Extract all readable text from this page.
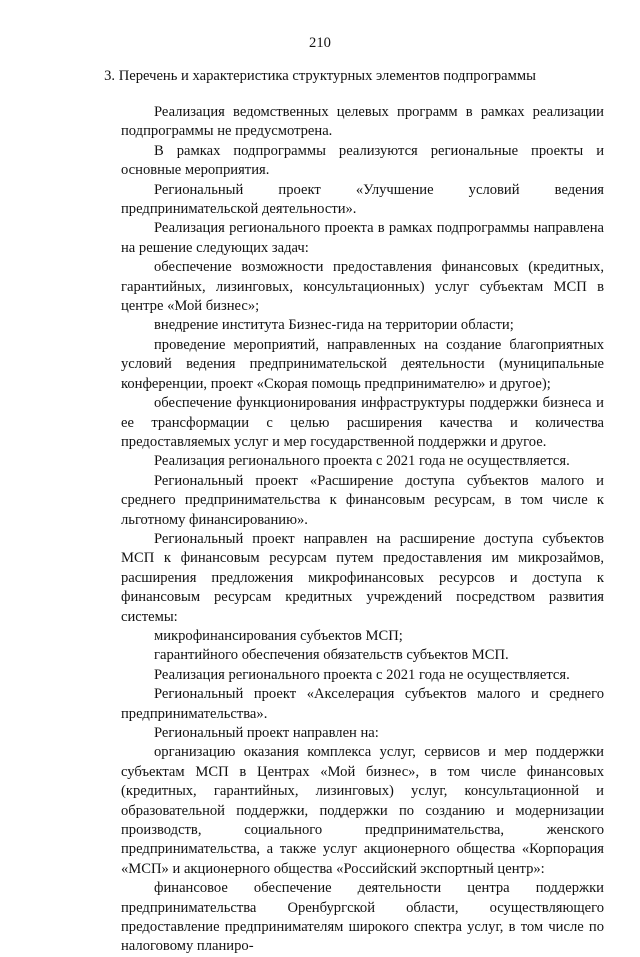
210
3. Перечень и характеристика структурных элементов подпрограммы

Реализация ведомственных целевых программ в рамках реализации подпрограммы не предусмотрена.

В рамках подпрограммы реализуются региональные проекты и основные мероприятия.

Региональный проект «Улучшение условий ведения предпринимательской деятельности».

Реализация регионального проекта в рамках подпрограммы направлена на решение следующих задач:

обеспечение возможности предоставления финансовых (кредитных, гарантийных, лизинговых, консультационных) услуг субъектам МСП в центре «Мой бизнес»;

внедрение института Бизнес-гида на территории области;

проведение мероприятий, направленных на создание благоприятных условий ведения предпринимательской деятельности (муниципальные конференции, проект «Скорая помощь предпринимателю» и другое);

обеспечение функционирования инфраструктуры поддержки бизнеса и ее трансформации с целью расширения качества и количества предоставляемых услуг и мер государственной поддержки и другое.

Реализация регионального проекта с 2021 года не осуществляется.

Региональный проект «Расширение доступа субъектов малого и среднего предпринимательства к финансовым ресурсам, в том числе к льготному финансированию».

Региональный проект направлен на расширение доступа субъектов МСП к финансовым ресурсам путем предоставления им микрозаймов, расширения предложения микрофинансовых ресурсов и доступа к финансовым ресурсам кредитных учреждений посредством развития системы:

микрофинансирования субъектов МСП;

гарантийного обеспечения обязательств субъектов МСП.

Реализация регионального проекта с 2021 года не осуществляется.

Региональный проект «Акселерация субъектов малого и среднего предпринимательства».

Региональный проект направлен на:

организацию оказания комплекса услуг, сервисов и мер поддержки субъектам МСП в Центрах «Мой бизнес», в том числе финансовых (кредитных, гарантийных, лизинговых) услуг, консультационной и образовательной поддержки, поддержки по созданию и модернизации производств, социального предпринимательства, женского предпринимательства, а также услуг акционерного общества «Корпорация «МСП» и акционерного общества «Российский экспортный центр»:

финансовое обеспечение деятельности центра поддержки предпринимательства Оренбургской области, осуществляющего предоставление предпринимателям широкого спектра услуг, в том числе по налоговому планиро-
